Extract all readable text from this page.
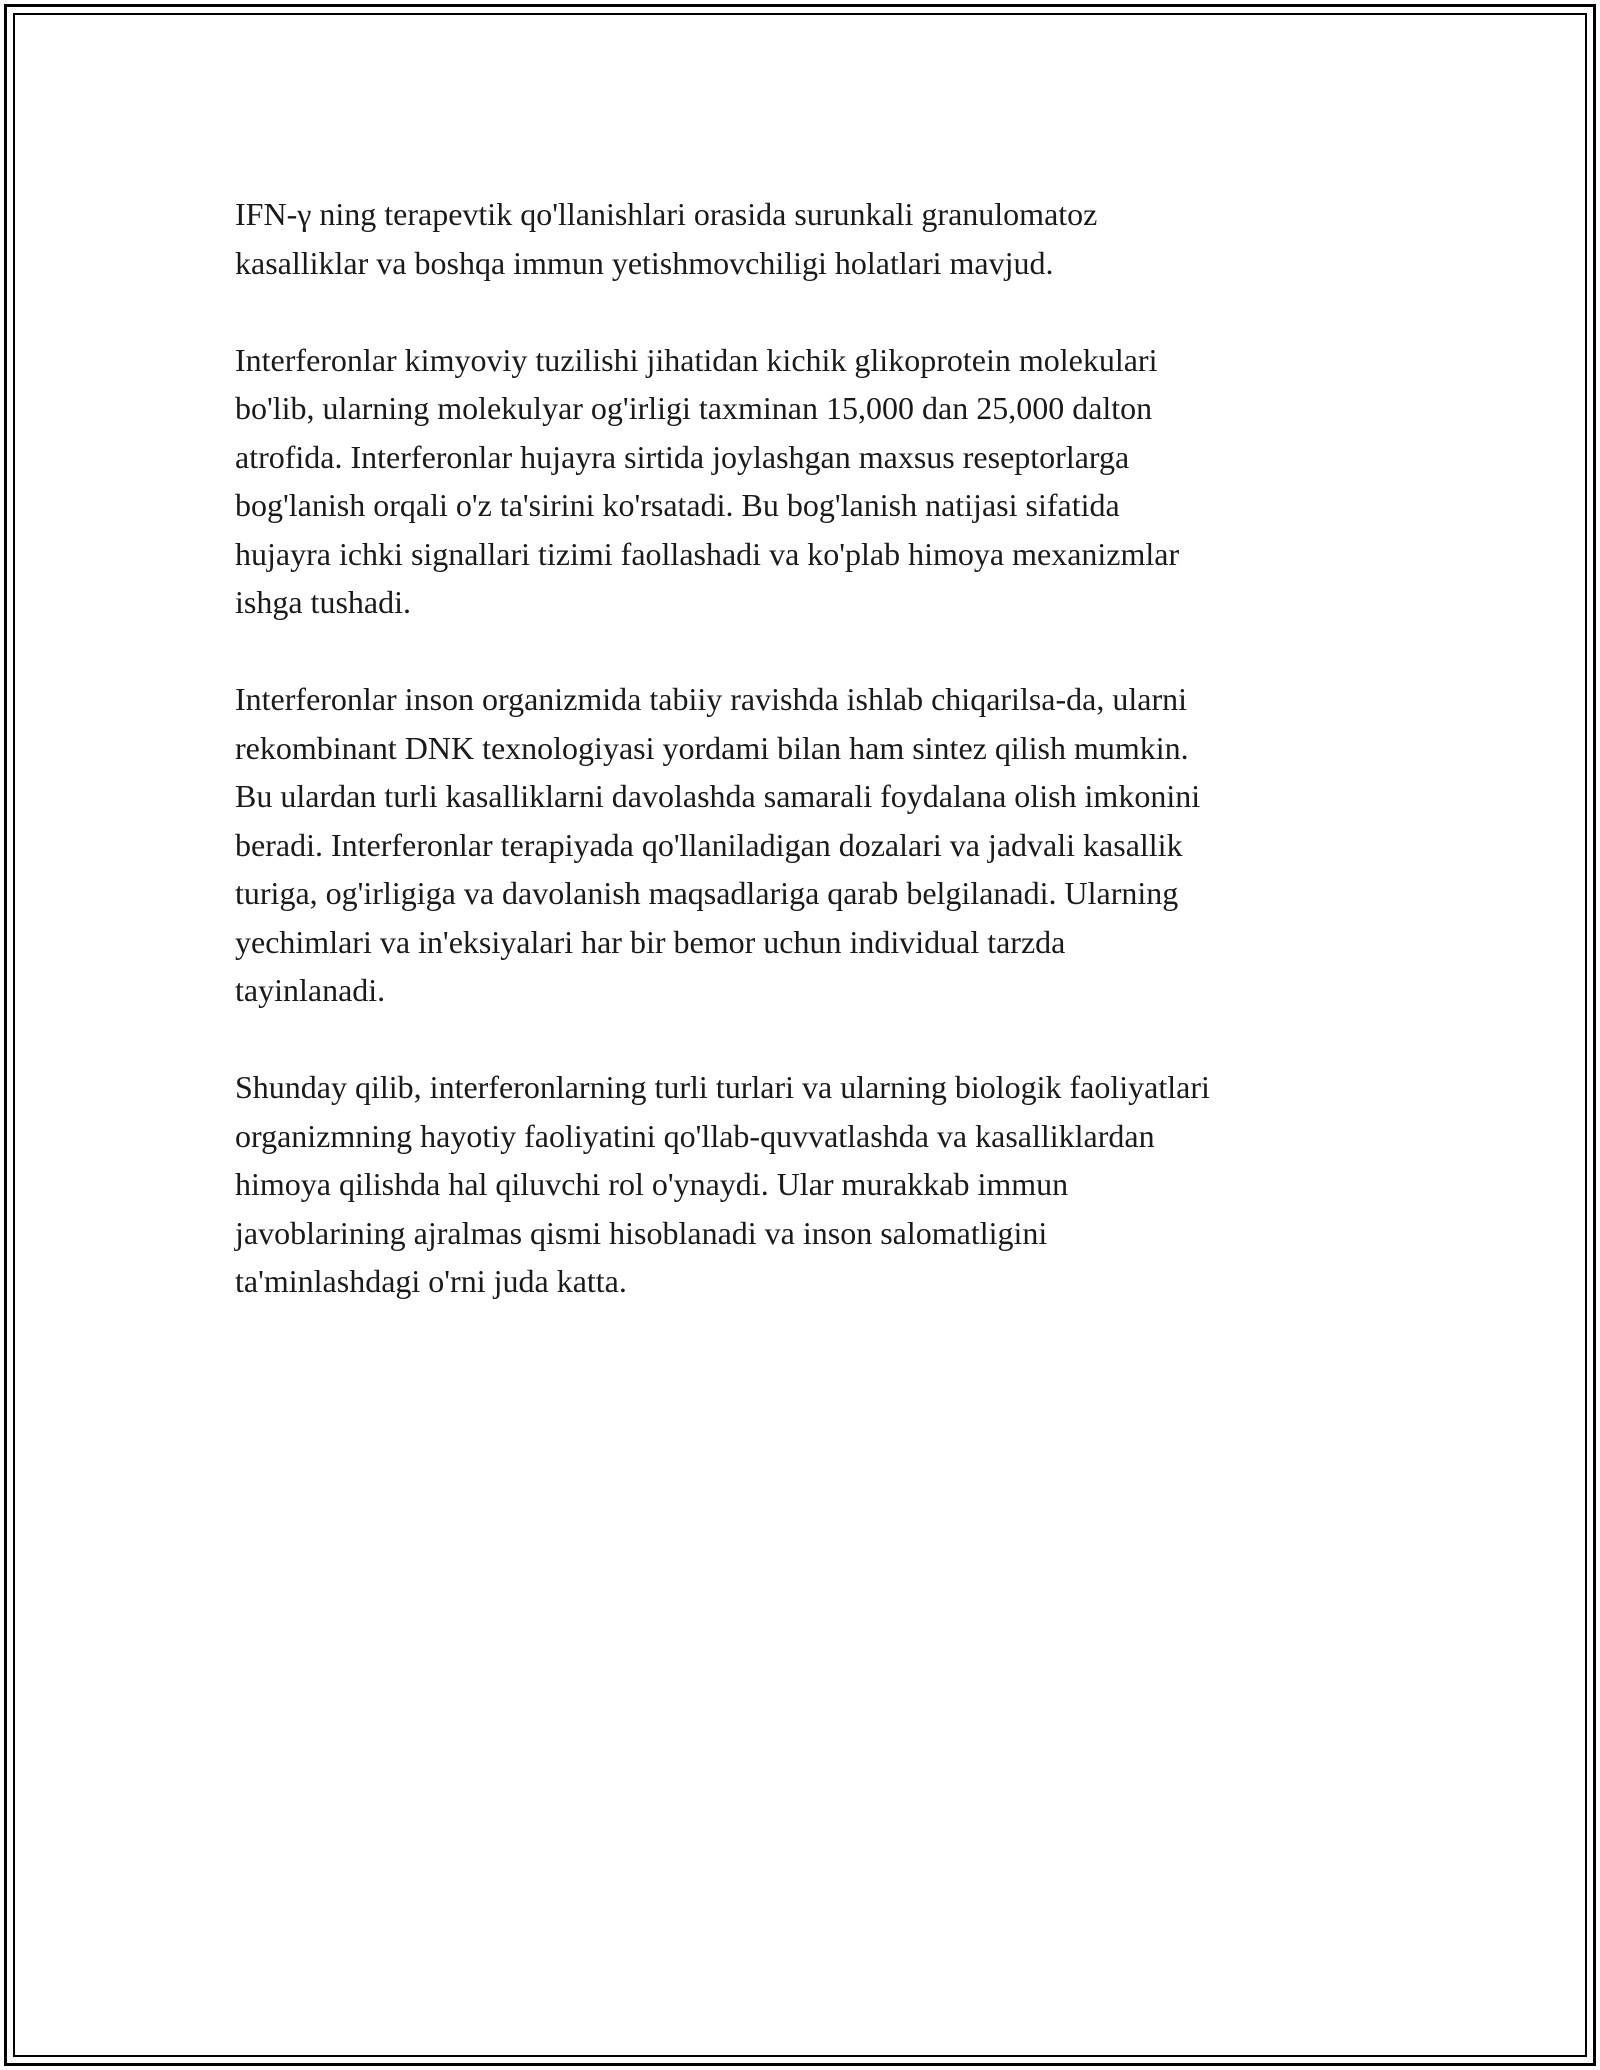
IFN-γ ning terapevtik qo'llanishlari orasida surunkali granulomatoz
kasalliklar va boshqa immun yetishmovchiligi holatlari mavjud.

Interferonlar kimyoviy tuzilishi jihatidan kichik glikoprotein molekulari
bo'lib, ularning molekulyar og'irligi taxminan 15,000 dan 25,000 dalton
atrofida. Interferonlar hujayra sirtida joylashgan maxsus reseptorlarga
bog'lanish orqali o'z ta'sirini ko'rsatadi. Bu bog'lanish natijasi sifatida
hujayra ichki signallari tizimi faollashadi va ko'plab himoya mexanizmlar
ishga tushadi.

Interferonlar inson organizmida tabiiy ravishda ishlab chiqarilsa-da, ularni
rekombinant DNK texnologiyasi yordami bilan ham sintez qilish mumkin.
Bu ulardan turli kasalliklarni davolashda samarali foydalana olish imkonini
beradi. Interferonlar terapiyada qo'llaniladigan dozalari va jadvali kasallik
turiga, og'irligiga va davolanish maqsadlariga qarab belgilanadi. Ularning
yechimlari va in'eksiyalari har bir bemor uchun individual tarzda
tayinlanadi.

Shunday qilib, interferonlarning turli turlari va ularning biologik faoliyatlari
organizmning hayotiy faoliyatini qo'llab-quvvatlashda va kasalliklardan
himoya qilishda hal qiluvchi rol o'ynaydi. Ular murakkab immun
javoblarining ajralmas qismi hisoblanadi va inson salomatligini
ta'minlashdagi o'rni juda katta.
